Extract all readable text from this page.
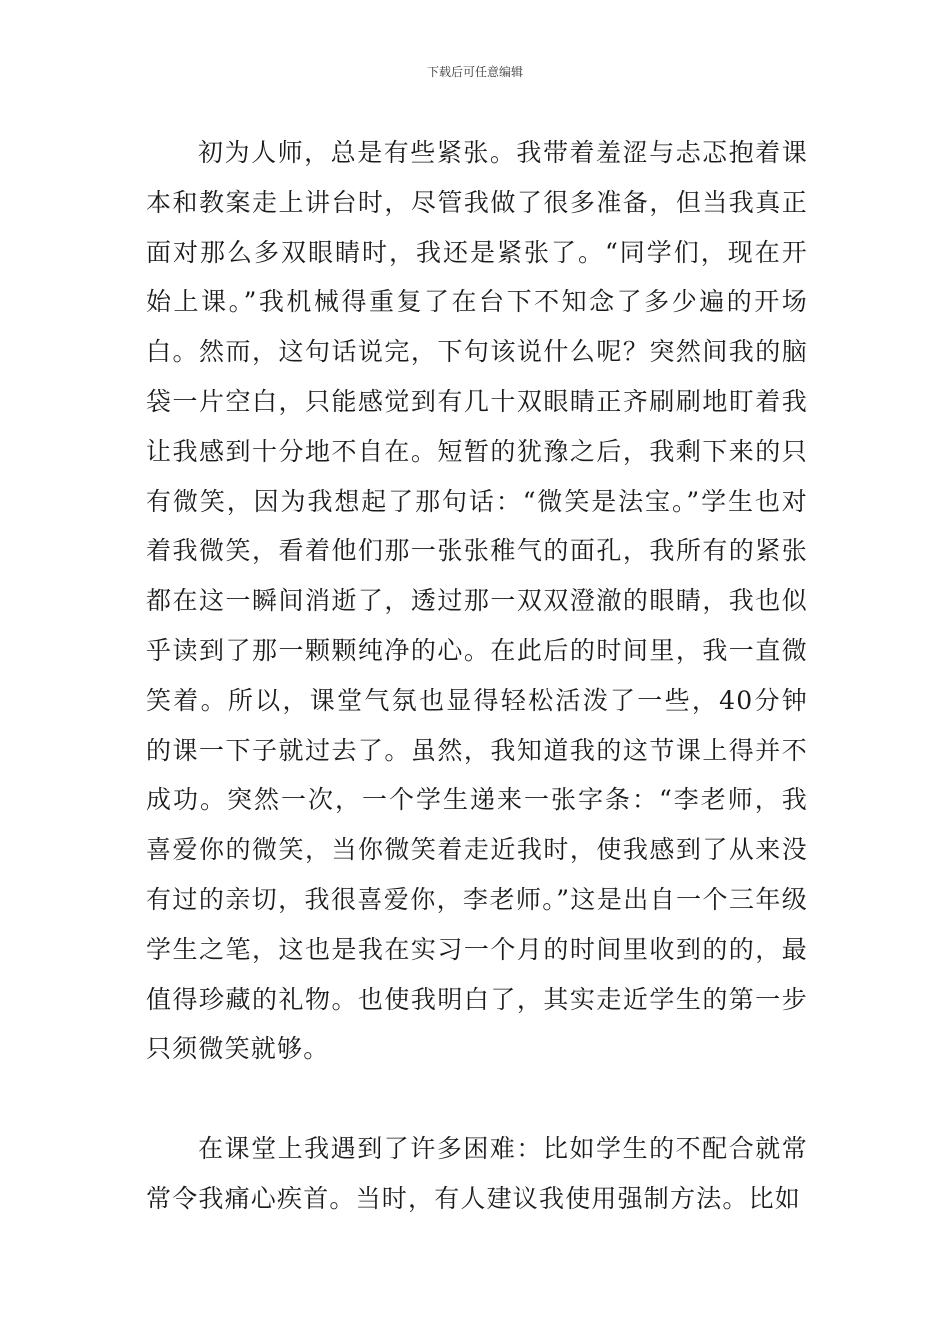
下载后可任意编辑

初为人师，总是有些紧张。我带着羞涩与忐忑抱着课本和教案走上讲台时，尽管我做了很多准备，但当我真正面对那么多双眼睛时，我还是紧张了。“同学们，现在开始上课。”我机械得重复了在台下不知念了多少遍的开场白。然而，这句话说完，下句该说什么呢？突然间我的脑袋一片空白，只能感觉到有几十双眼睛正齐刷刷地盯着我让我感到十分地不自在。短暂的犹豫之后，我剩下来的只有微笑，因为我想起了那句话：“微笑是法宝。”学生也对着我微笑，看着他们那一张张稚气的面孔，我所有的紧张都在这一瞬间消逝了，透过那一双双澄澈的眼睛，我也似乎读到了那一颗颗纯净的心。在此后的时间里，我一直微笑着。所以，课堂气氛也显得轻松活泼了一些，40分钟的课一下子就过去了。虽然，我知道我的这节课上得并不成功。突然一次，一个学生递来一张字条：“李老师，我喜爱你的微笑，当你微笑着走近我时，使我感到了从来没有过的亲切，我很喜爱你，李老师。”这是出自一个三年级学生之笔，这也是我在实习一个月的时间里收到的的，最值得珍藏的礼物。也使我明白了，其实走近学生的第一步只须微笑就够。

在课堂上我遇到了许多困难：比如学生的不配合就常常令我痛心疾首。当时，有人建议我使用强制方法。比如
